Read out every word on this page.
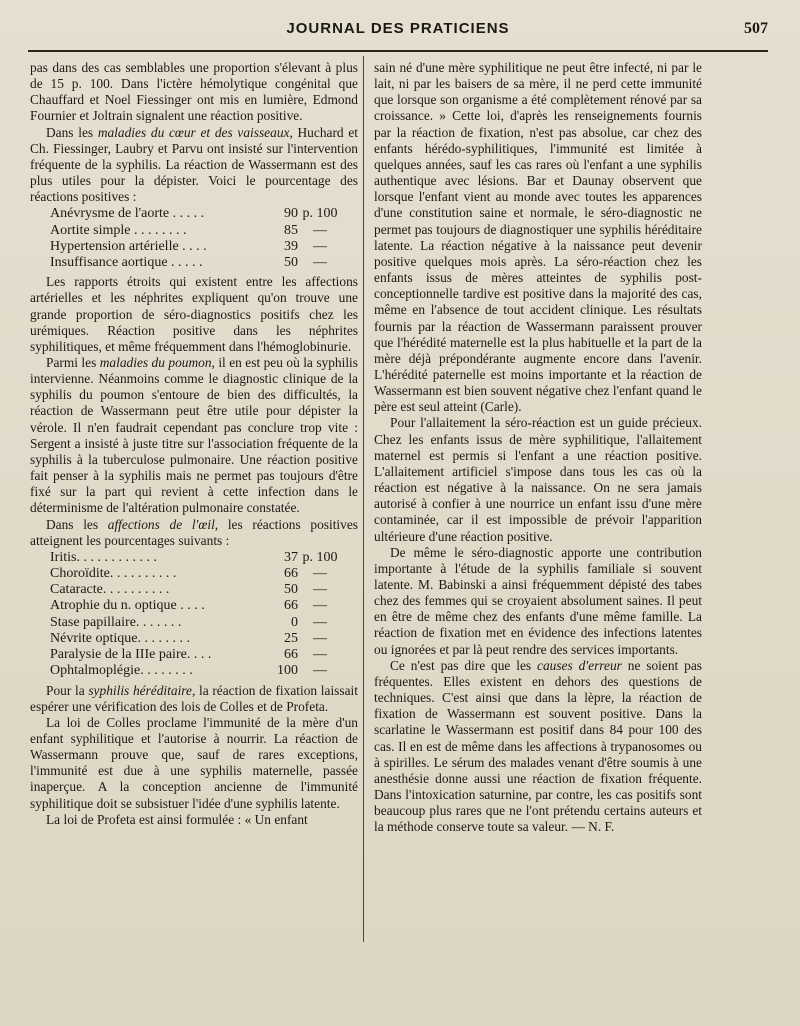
JOURNAL DES PRATICIENS	507

pas dans des cas semblables une proportion s'élevant à plus de 15 p. 100. Dans l'ictère hémolytique congénital que Chauffard et Noel Fiessinger ont mis en lumière, Edmond Fournier et Joltrain signalent une réaction positive.

Dans les maladies du cœur et des vaisseaux, Huchard et Ch. Fiessinger, Laubry et Parvu ont insisté sur l'intervention fréquente de la syphilis. La réaction de Wassermann est des plus utiles pour la dépister. Voici le pourcentage des réactions positives :

Anévrysme de l'aorte . . . . .	90	p. 100
Aortite simple . . . . . . . .	85	—
Hypertension artérielle . . . .	39	—
Insuffisance aortique . . . . .	50	—

Les rapports étroits qui existent entre les affections artérielles et les néphrites expliquent qu'on trouve une grande proportion de séro-diagnostics positifs chez les urémiques. Réaction positive dans les néphrites syphilitiques, et même fréquemment dans l'hémoglobinurie.

Parmi les maladies du poumon, il en est peu où la syphilis intervienne. Néanmoins comme le diagnostic clinique de la syphilis du poumon s'entoure de bien des difficultés, la réaction de Wassermann peut être utile pour dépister la vérole. Il n'en faudrait cependant pas conclure trop vite : Sergent a insisté à juste titre sur l'association fréquente de la syphilis à la tuberculose pulmonaire. Une réaction positive fait penser à la syphilis mais ne permet pas toujours d'être fixé sur la part qui revient à cette infection dans le déterminisme de l'altération pulmonaire constatée.

Dans les affections de l'œil, les réactions positives atteignent les pourcentages suivants :

Iritis. . . . . . . . . . . .	37	p. 100
Choroïdite. . . . . . . . . .	66	—
Cataracte. . . . . . . . . .	50	—
Atrophie du n. optique . . . .	66	—
Stase papillaire. . . . . . .	0	—
Névrite optique. . . . . . . .	25	—
Paralysie de la IIIe paire. . . .	66	—
Ophtalmoplégie. . . . . . . .	100	—

Pour la syphilis héréditaire, la réaction de fixation laissait espérer une vérification des lois de Colles et de Profeta.

La loi de Colles proclame l'immunité de la mère d'un enfant syphilitique et l'autorise à nourrir. La réaction de Wassermann prouve que, sauf de rares exceptions, l'immunité est due à une syphilis maternelle, passée inaperçue. A la conception ancienne de l'immunité syphilitique doit se subsistuer l'idée d'une syphilis latente.

La loi de Profeta est ainsi formulée : « Un enfant

sain né d'une mère syphilitique ne peut être infecté, ni par le lait, ni par les baisers de sa mère, il ne perd cette immunité que lorsque son organisme a été complètement rénové par sa croissance. » Cette loi, d'après les renseignements fournis par la réaction de fixation, n'est pas absolue, car chez des enfants hérédo-syphilitiques, l'immunité est limitée à quelques années, sauf les cas rares où l'enfant a une syphilis authentique avec lésions. Bar et Daunay observent que lorsque l'enfant vient au monde avec toutes les apparences d'une constitution saine et normale, le séro-diagnostic ne permet pas toujours de diagnostiquer une syphilis héréditaire latente. La réaction négative à la naissance peut devenir positive quelques mois après. La séro-réaction chez les enfants issus de mères atteintes de syphilis post-conceptionnelle tardive est positive dans la majorité des cas, même en l'absence de tout accident clinique. Les résultats fournis par la réaction de Wassermann paraissent prouver que l'hérédité maternelle est la plus habituelle et la part de la mère déjà prépondérante augmente encore dans l'avenir. L'hérédité paternelle est moins importante et la réaction de Wassermann est bien souvent négative chez l'enfant quand le père est seul atteint (Carle).

Pour l'allaitement la séro-réaction est un guide précieux. Chez les enfants issus de mère syphilitique, l'allaitement maternel est permis si l'enfant a une réaction positive. L'allaitement artificiel s'impose dans tous les cas où la réaction est négative à la naissance. On ne sera jamais autorisé à confier à une nourrice un enfant issu d'une mère contaminée, car il est impossible de prévoir l'apparition ultérieure d'une réaction positive.

De même le séro-diagnostic apporte une contribution importante à l'étude de la syphilis familiale si souvent latente. M. Babinski a ainsi fréquemment dépisté des tabes chez des femmes qui se croyaient absolument saines. Il peut en être de même chez des enfants d'une même famille. La réaction de fixation met en évidence des infections latentes ou ignorées et par là peut rendre des services importants.

Ce n'est pas dire que les causes d'erreur ne soient pas fréquentes. Elles existent en dehors des questions de techniques. C'est ainsi que dans la lèpre, la réaction de fixation de Wassermann est souvent positive. Dans la scarlatine le Wassermann est positif dans 84 pour 100 des cas. Il en est de même dans les affections à trypanosomes ou à spirilles. Le sérum des malades venant d'être soumis à une anesthésie donne aussi une réaction de fixation fréquente. Dans l'intoxication saturnine, par contre, les cas positifs sont beaucoup plus rares que ne l'ont prétendu certains auteurs et la méthode conserve toute sa valeur. — N. F.
